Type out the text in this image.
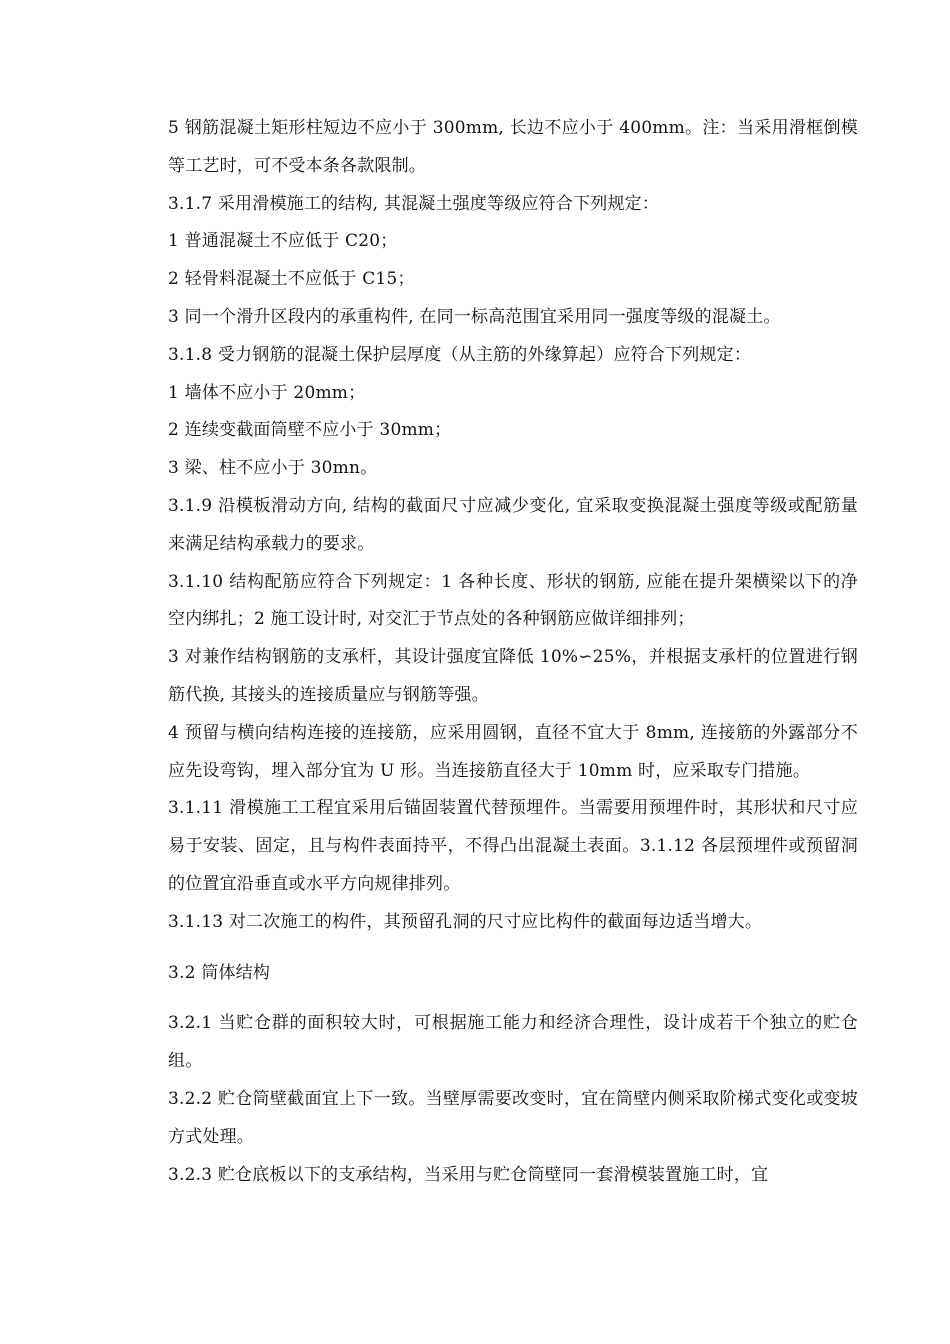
5 钢筋混凝土矩形柱短边不应小于 300mm, 长边不应小于 400mm。注：当采用滑框倒模等工艺时，可不受本条各款限制。

3.1.7 采用滑模施工的结构, 其混凝土强度等级应符合下列规定：

1 普通混凝土不应低于 C20；

2 轻骨料混凝土不应低于 C15；

3 同一个滑升区段内的承重构件, 在同一标高范围宜采用同一强度等级的混凝土。

3.1.8 受力钢筋的混凝土保护层厚度（从主筋的外缘算起）应符合下列规定：

1 墙体不应小于 20mm；

2 连续变截面筒壁不应小于 30mm；

3 梁、柱不应小于 30mn。

3.1.9 沿模板滑动方向, 结构的截面尺寸应减少变化, 宜采取变换混凝土强度等级或配筋量来满足结构承载力的要求。

3.1.10 结构配筋应符合下列规定：1 各种长度、形状的钢筋, 应能在提升架横梁以下的净空内绑扎；2 施工设计时, 对交汇于节点处的各种钢筋应做详细排列；

3 对兼作结构钢筋的支承杆，其设计强度宜降低 10%∽25%，并根据支承杆的位置进行钢筋代换, 其接头的连接质量应与钢筋等强。

4 预留与横向结构连接的连接筋，应采用圆钢，直径不宜大于 8mm, 连接筋的外露部分不应先设弯钩，埋入部分宜为 U 形。当连接筋直径大于 10mm 时，应采取专门措施。

3.1.11 滑模施工工程宜采用后锚固装置代替预埋件。当需要用预埋件时，其形状和尺寸应易于安装、固定，且与构件表面持平，不得凸出混凝土表面。3.1.12 各层预埋件或预留洞的位置宜沿垂直或水平方向规律排列。

3.1.13 对二次施工的构件，其预留孔洞的尺寸应比构件的截面每边适当增大。

3.2 筒体结构

3.2.1 当贮仓群的面积较大时，可根据施工能力和经济合理性，设计成若干个独立的贮仓组。

3.2.2 贮仓筒壁截面宜上下一致。当壁厚需要改变时，宜在筒壁内侧采取阶梯式变化或变坡方式处理。

3.2.3 贮仓底板以下的支承结构，当采用与贮仓筒壁同一套滑模装置施工时，宜
